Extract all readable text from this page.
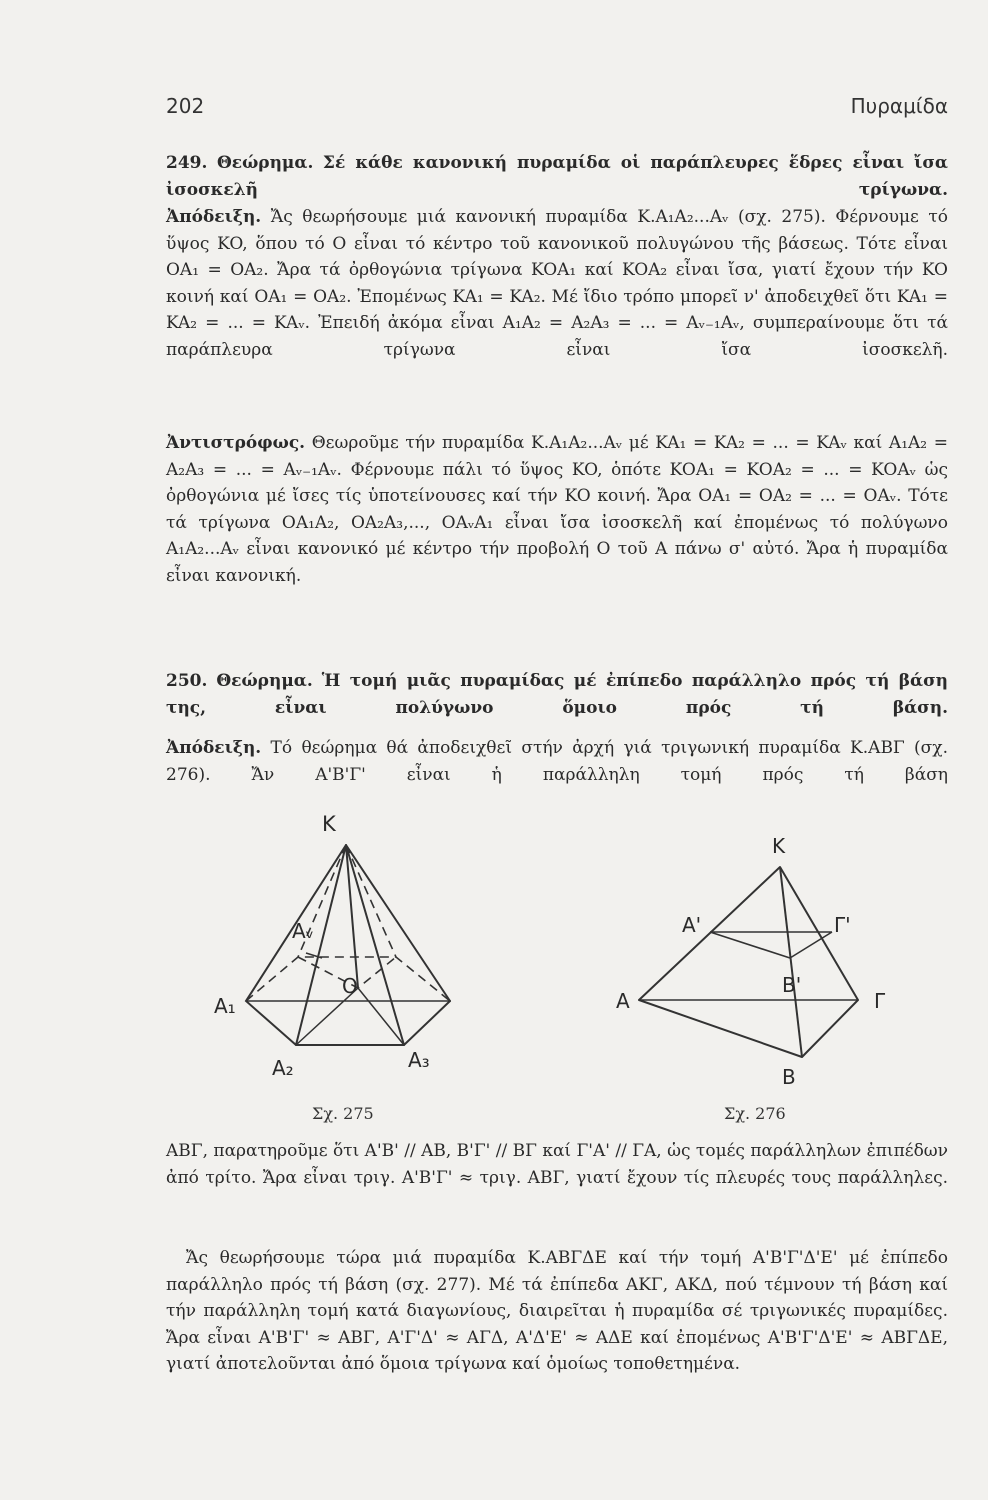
202	Πυραμίδα

249. Θεώρημα. Σέ κάθε κανονική πυραμίδα οἱ παράπλευρες ἕδρες εἶναι ἴσα ἰσοσκελῆ τρίγωνα.

Ἀπόδειξη. Ἄς θεωρήσουμε μιά κανονική πυραμίδα K.A₁A₂...Aᵥ (σχ. 275). Φέρνουμε τό ὕψος KO, ὅπου τό O εἶναι τό κέντρο τοῦ κανονικοῦ πολυγώνου τῆς βάσεως. Τότε εἶναι OA₁ = OA₂. Ἄρα τά ὀρθογώνια τρίγωνα KOA₁ καί KOA₂ εἶναι ἴσα, γιατί ἔχουν τήν KO κοινή καί OA₁ = OA₂. Ἐπομένως KA₁ = KA₂. Μέ ἴδιο τρόπο μπορεῖ ν' ἀποδειχθεῖ ὅτι KA₁ = KA₂ = ... = KAᵥ. Ἐπειδή ἀκόμα εἶναι A₁A₂ = A₂A₃ = ... = Aᵥ₋₁Aᵥ, συμπεραίνουμε ὅτι τά παράπλευρα τρίγωνα εἶναι ἴσα ἰσοσκελῆ.

Ἀντιστρόφως. Θεωροῦμε τήν πυραμίδα K.A₁A₂...Aᵥ μέ KA₁ = KA₂ = ... = KAᵥ καί A₁A₂ = A₂A₃ = ... = Aᵥ₋₁Aᵥ. Φέρνουμε πάλι τό ὕψος KO, ὁπότε KOA₁ = KOA₂ = ... = KOAᵥ ὡς ὀρθογώνια μέ ἴσες τίς ὑποτείνουσες καί τήν KO κοινή. Ἄρα OA₁ = OA₂ = ... = OAᵥ. Τότε τά τρίγωνα OA₁A₂, OA₂A₃,..., OAᵥA₁ εἶναι ἴσα ἰσοσκελῆ καί ἐπομένως τό πολύγωνο A₁A₂...Aᵥ εἶναι κανονικό μέ κέντρο τήν προβολή O τοῦ A πάνω σ' αὐτό. Ἄρα ἡ πυραμίδα εἶναι κανονική.

250. Θεώρημα. Ἡ τομή μιᾶς πυραμίδας μέ ἐπίπεδο παράλληλο πρός τή βάση της, εἶναι πολύγωνο ὅμοιο πρός τή βάση.

Ἀπόδειξη. Τό θεώρημα θά ἀποδειχθεῖ στήν ἀρχή γιά τριγωνική πυραμίδα K.ΑΒΓ (σχ. 276). Ἄν Α'Β'Γ' εἶναι ἡ παράλληλη τομή πρός τή βάση

K
Aᵥ
A₁
O
A₂	A₃
Σχ. 275
K
A'	Γ'
B'
A	Γ
B
Σχ. 276

ΑΒΓ, παρατηροῦμε ὅτι Α'Β' // ΑΒ, Β'Γ' // ΒΓ καί Γ'Α' // ΓΑ, ὡς τομές παράλληλων ἐπιπέδων ἀπό τρίτο. Ἄρα εἶναι τριγ. Α'Β'Γ' ≈ τριγ. ΑΒΓ, γιατί ἔχουν τίς πλευρές τους παράλληλες.

Ἄς θεωρήσουμε τώρα μιά πυραμίδα K.ΑΒΓΔΕ καί τήν τομή Α'Β'Γ'Δ'Ε' μέ ἐπίπεδο παράλληλο πρός τή βάση (σχ. 277). Μέ τά ἐπίπεδα ΑΚΓ, ΑΚΔ, πού τέμνουν τή βάση καί τήν παράλληλη τομή κατά διαγωνίους, διαιρεῖται ἡ πυραμίδα σέ τριγωνικές πυραμίδες. Ἄρα εἶναι Α'Β'Γ' ≈ ΑΒΓ, Α'Γ'Δ' ≈ ΑΓΔ, Α'Δ'Ε' ≈ ΑΔΕ καί ἐπομένως Α'Β'Γ'Δ'Ε' ≈ ΑΒΓΔΕ, γιατί ἀποτελοῦνται ἀπό ὅμοια τρίγωνα καί ὁμοίως τοποθετημένα.
